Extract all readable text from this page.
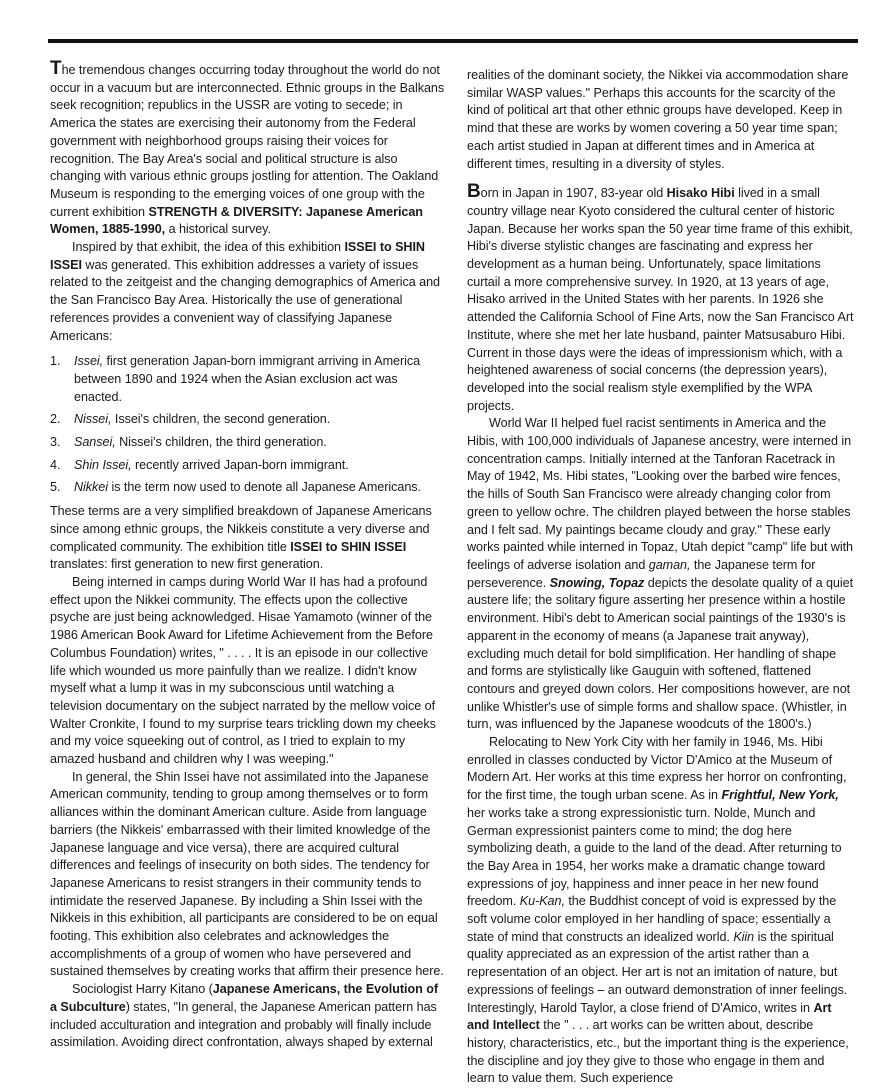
The tremendous changes occurring today throughout the world do not occur in a vacuum but are interconnected. Ethnic groups in the Balkans seek recognition; republics in the USSR are voting to secede; in America the states are exercising their autonomy from the Federal government with neighborhood groups raising their voices for recognition. The Bay Area's social and political structure is also changing with various ethnic groups jostling for attention. The Oakland Museum is responding to the emerging voices of one group with the current exhibition STRENGTH & DIVERSITY: Japanese American Women, 1885-1990, a historical survey.

Inspired by that exhibit, the idea of this exhibition ISSEI to SHIN ISSEI was generated. This exhibition addresses a variety of issues related to the zeitgeist and the changing demographics of America and the San Francisco Bay Area. Historically the use of generational references provides a convenient way of classifying Japanese Americans:

1. Issei, first generation Japan-born immigrant arriving in America between 1890 and 1924 when the Asian exclusion act was enacted.
2. Nissei, Issei's children, the second generation.
3. Sansei, Nissei's children, the third generation.
4. Shin Issei, recently arrived Japan-born immigrant.
5. Nikkei is the term now used to denote all Japanese Americans.

These terms are a very simplified breakdown of Japanese Americans since among ethnic groups, the Nikkeis constitute a very diverse and complicated community. The exhibition title ISSEI to SHIN ISSEI translates: first generation to new first generation.

Being interned in camps during World War II has had a profound effect upon the Nikkei community. The effects upon the collective psyche are just being acknowledged. Hisae Yamamoto (winner of the 1986 American Book Award for Lifetime Achievement from the Before Columbus Foundation) writes, " . . . . It is an episode in our collective life which wounded us more painfully than we realize. I didn't know myself what a lump it was in my subconscious until watching a television documentary on the subject narrated by the mellow voice of Walter Cronkite, I found to my surprise tears trickling down my cheeks and my voice squeeking out of control, as I tried to explain to my amazed husband and children why I was weeping."

In general, the Shin Issei have not assimilated into the Japanese American community, tending to group among themselves or to form alliances within the dominant American culture. Aside from language barriers (the Nikkeis' embarrassed with their limited knowledge of the Japanese language and vice versa), there are acquired cultural differences and feelings of insecurity on both sides. The tendency for Japanese Americans to resist strangers in their community tends to intimidate the reserved Japanese. By including a Shin Issei with the Nikkeis in this exhibition, all participants are considered to be on equal footing. This exhibition also celebrates and acknowledges the accomplishments of a group of women who have persevered and sustained themselves by creating works that affirm their presence here.

Sociologist Harry Kitano (Japanese Americans, the Evolution of a Subculture) states, "In general, the Japanese American pattern has included acculturation and integration and probably will finally include assimilation. Avoiding direct confrontation, always shaped by external

realities of the dominant society, the Nikkei via accommodation share similar WASP values." Perhaps this accounts for the scarcity of the kind of political art that other ethnic groups have developed. Keep in mind that these are works by women covering a 50 year time span; each artist studied in Japan at different times and in America at different times, resulting in a diversity of styles.

Born in Japan in 1907, 83-year old Hisako Hibi lived in a small country village near Kyoto considered the cultural center of historic Japan. Because her works span the 50 year time frame of this exhibit, Hibi's diverse stylistic changes are fascinating and express her development as a human being. Unfortunately, space limitations curtail a more comprehensive survey. In 1920, at 13 years of age, Hisako arrived in the United States with her parents. In 1926 she attended the California School of Fine Arts, now the San Francisco Art Institute, where she met her late husband, painter Matsusaburo Hibi. Current in those days were the ideas of impressionism which, with a heightened awareness of social concerns (the depression years), developed into the social realism style exemplified by the WPA projects.

World War II helped fuel racist sentiments in America and the Hibis, with 100,000 individuals of Japanese ancestry, were interned in concentration camps. Initially interned at the Tanforan Racetrack in May of 1942, Ms. Hibi states, "Looking over the barbed wire fences, the hills of South San Francisco were already changing color from green to yellow ochre. The children played between the horse stables and I felt sad. My paintings became cloudy and gray." These early works painted while interned in Topaz, Utah depict "camp" life but with feelings of adverse isolation and gaman, the Japanese term for perseverence. Snowing, Topaz depicts the desolate quality of a quiet austere life; the solitary figure asserting her presence within a hostile environment. Hibi's debt to American social paintings of the 1930's is apparent in the economy of means (a Japanese trait anyway), excluding much detail for bold simplification. Her handling of shape and forms are stylistically like Gauguin with softened, flattened contours and greyed down colors. Her compositions however, are not unlike Whistler's use of simple forms and shallow space. (Whistler, in turn, was influenced by the Japanese woodcuts of the 1800's.)

Relocating to New York City with her family in 1946, Ms. Hibi enrolled in classes conducted by Victor D'Amico at the Museum of Modern Art. Her works at this time express her horror on confronting, for the first time, the tough urban scene. As in Frightful, New York, her works take a strong expressionistic turn. Nolde, Munch and German expressionist painters come to mind; the dog here symbolizing death, a guide to the land of the dead. After returning to the Bay Area in 1954, her works make a dramatic change toward expressions of joy, happiness and inner peace in her new found freedom. Ku-Kan, the Buddhist concept of void is expressed by the soft volume color employed in her handling of space; essentially a state of mind that constructs an idealized world. Kiin is the spiritual quality appreciated as an expression of the artist rather than a representation of an object. Her art is not an imitation of nature, but expressions of feelings – an outward demonstration of inner feelings. Interestingly, Harold Taylor, a close friend of D'Amico, writes in Art and Intellect the " . . . art works can be written about, describe history, characteristics, etc., but the important thing is the experience, the discipline and joy they give to those who engage in them and learn to value them. Such experience
